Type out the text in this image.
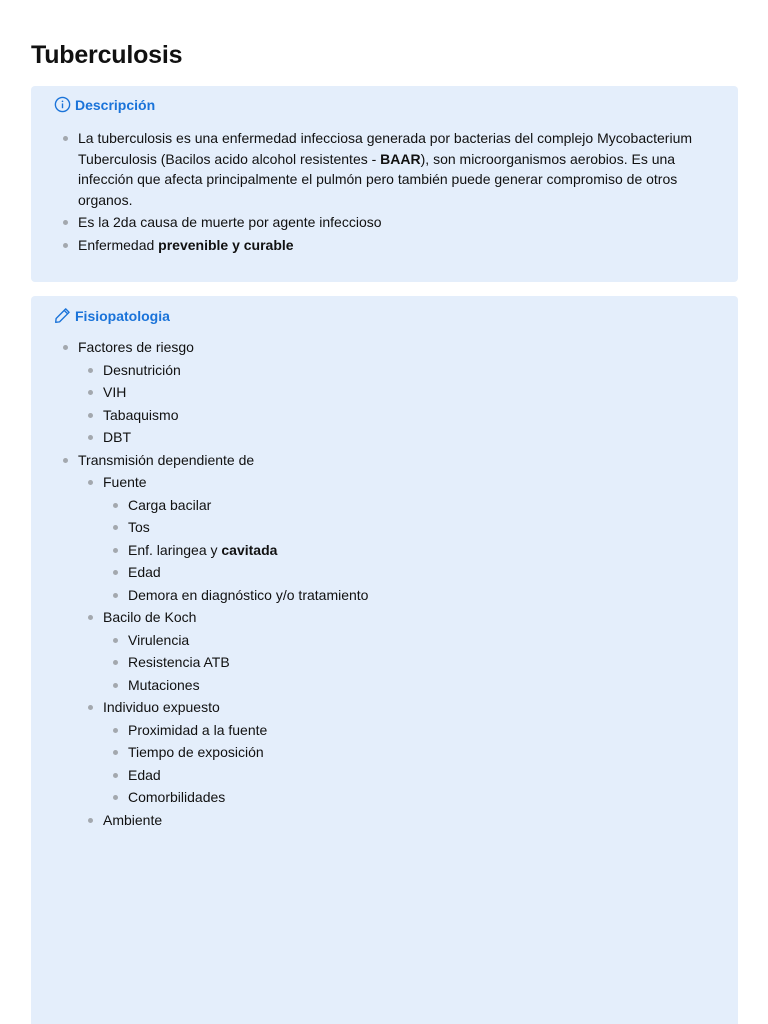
Tuberculosis
Descripción
La tuberculosis es una enfermedad infecciosa generada por bacterias del complejo Mycobacterium Tuberculosis (Bacilos acido alcohol resistentes - BAAR), son microorganismos aerobios. Es una infección que afecta principalmente el pulmón pero también puede generar compromiso de otros organos.
Es la 2da causa de muerte por agente infeccioso
Enfermedad prevenible y curable
Fisiopatologia
Factores de riesgo
Desnutrición
VIH
Tabaquismo
DBT
Transmisión dependiente de
Fuente
Carga bacilar
Tos
Enf. laringea y cavitada
Edad
Demora en diagnóstico y/o tratamiento
Bacilo de Koch
Virulencia
Resistencia ATB
Mutaciones
Individuo expuesto
Proximidad a la fuente
Tiempo de exposición
Edad
Comorbilidades
Ambiente
